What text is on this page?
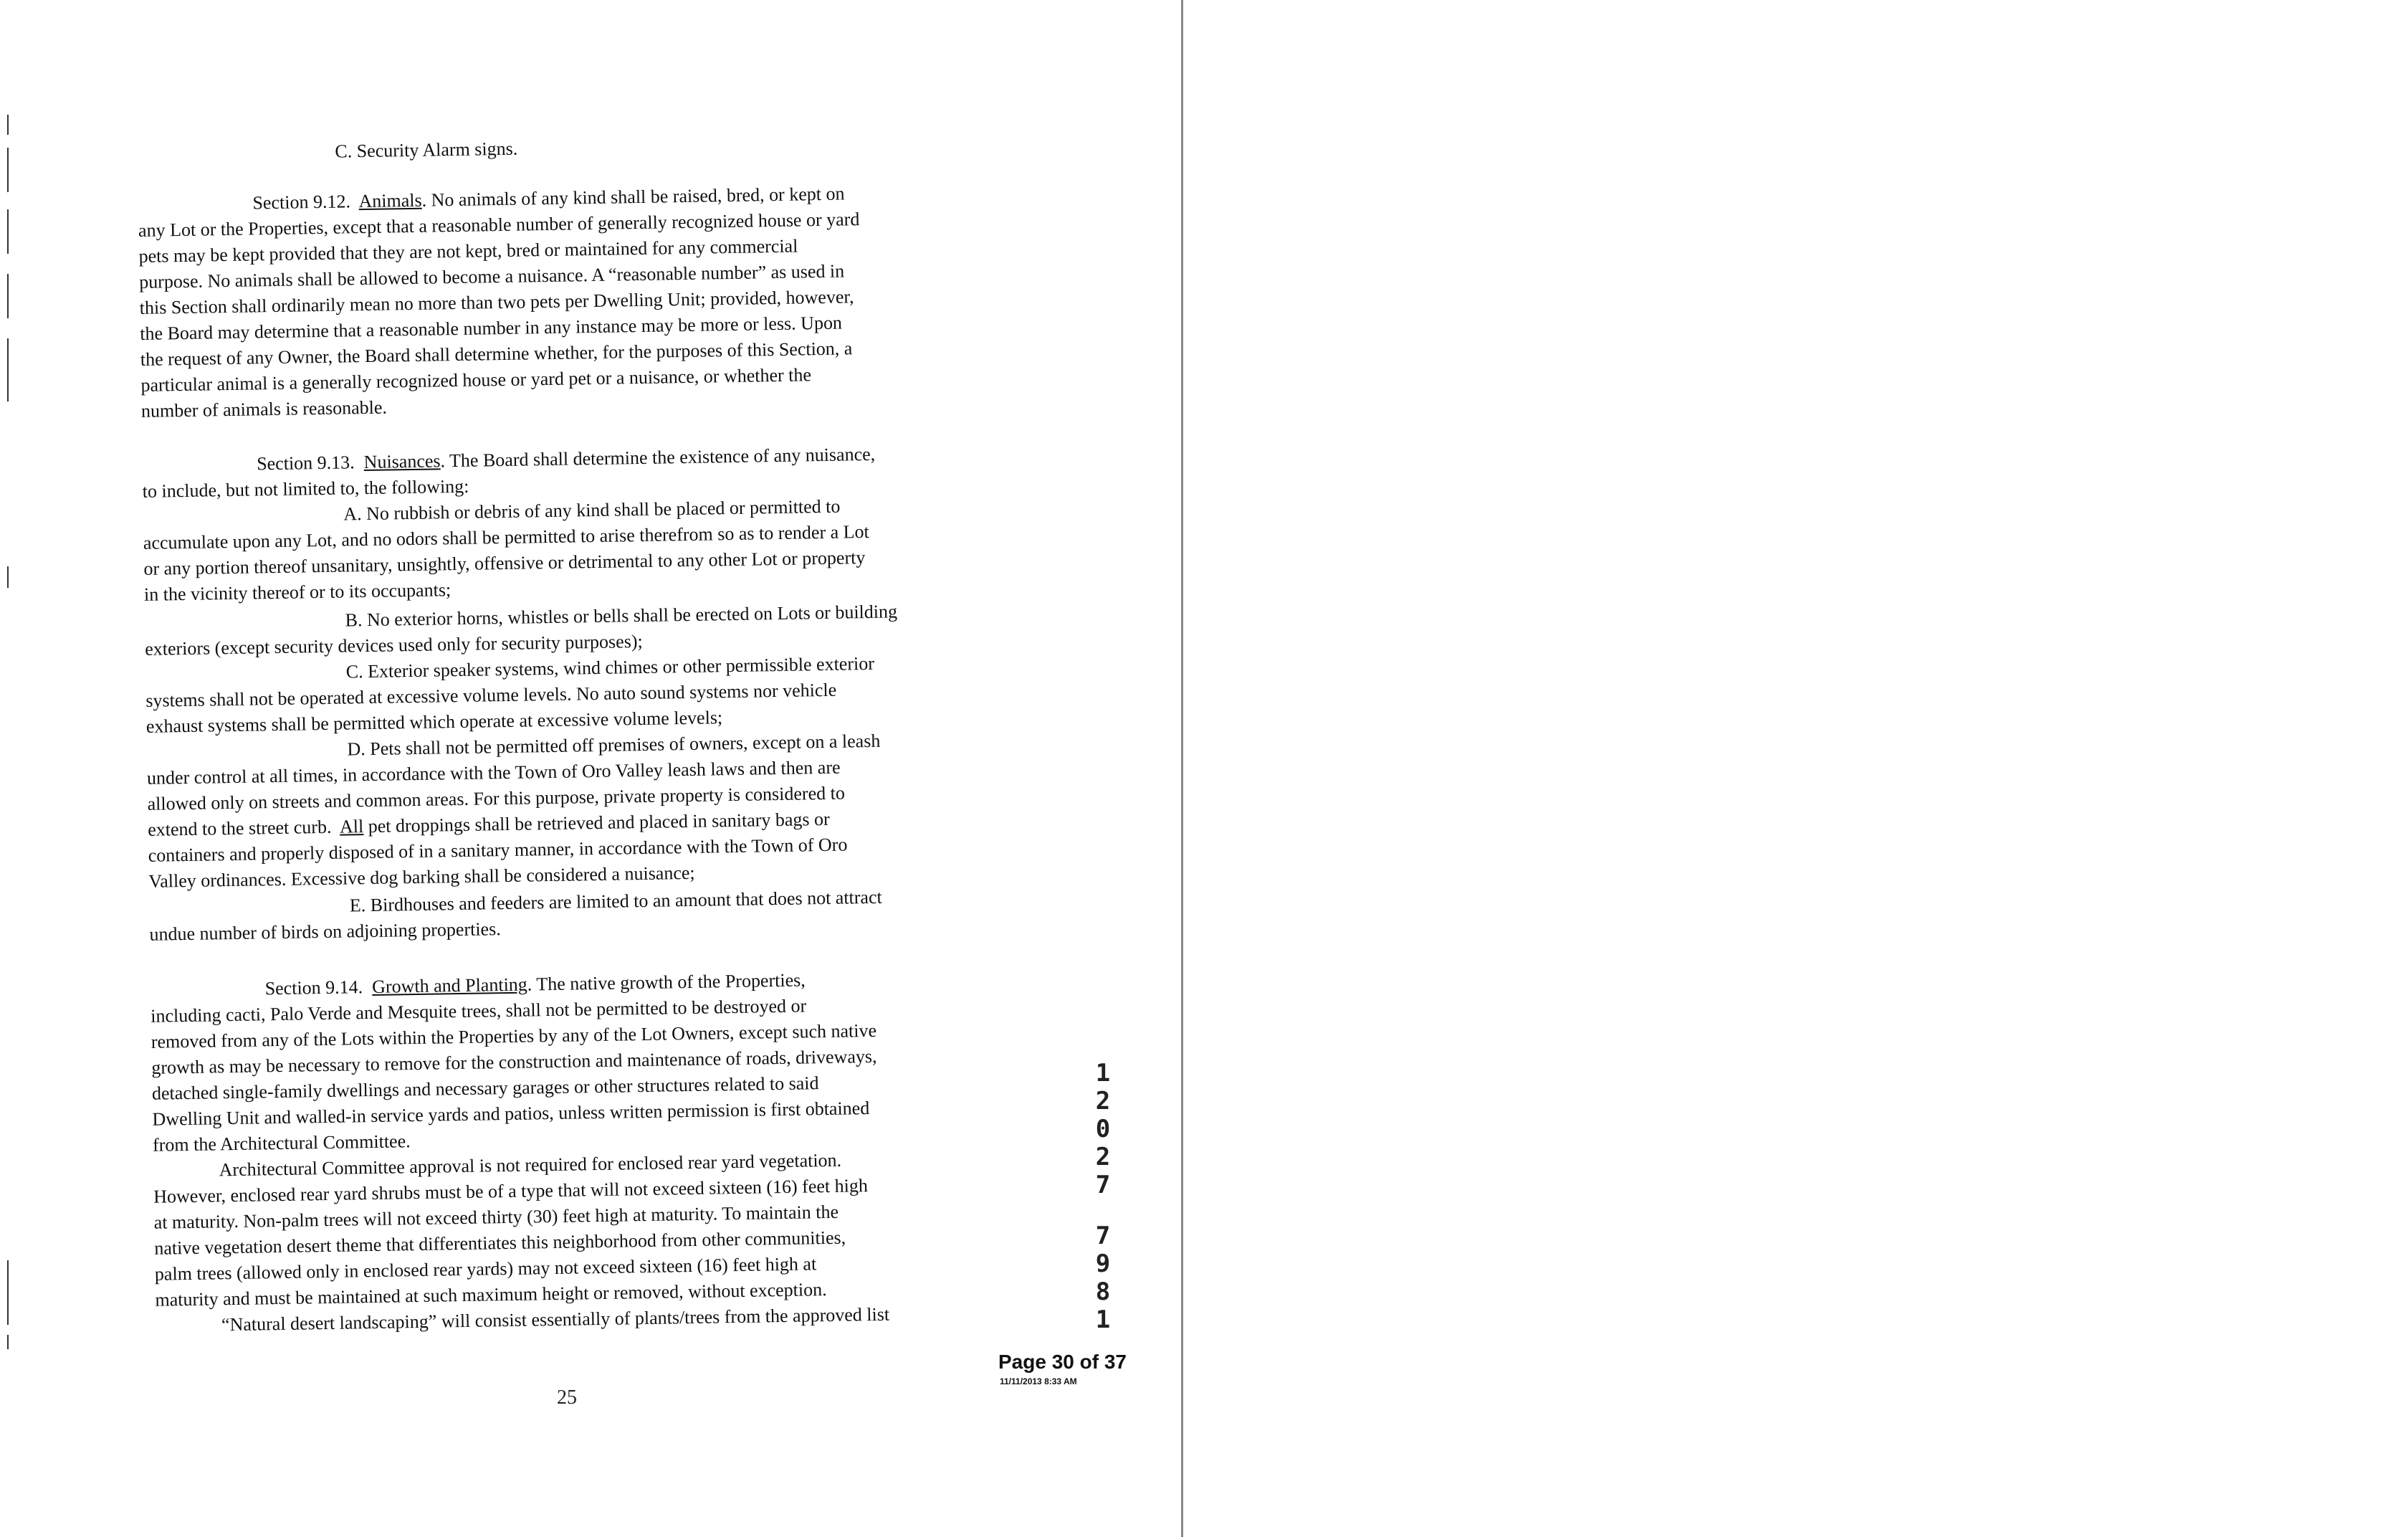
C. Security Alarm signs.
Section 9.12. Animals. No animals of any kind shall be raised, bred, or kept on
any Lot or the Properties, except that a reasonable number of generally recognized house or yard
pets may be kept provided that they are not kept, bred or maintained for any commercial
purpose. No animals shall be allowed to become a nuisance. A “reasonable number” as used in
this Section shall ordinarily mean no more than two pets per Dwelling Unit; provided, however,
the Board may determine that a reasonable number in any instance may be more or less. Upon
the request of any Owner, the Board shall determine whether, for the purposes of this Section, a
particular animal is a generally recognized house or yard pet or a nuisance, or whether the
number of animals is reasonable.
Section 9.13. Nuisances. The Board shall determine the existence of any nuisance,
to include, but not limited to, the following:
A. No rubbish or debris of any kind shall be placed or permitted to
accumulate upon any Lot, and no odors shall be permitted to arise therefrom so as to render a Lot
or any portion thereof unsanitary, unsightly, offensive or detrimental to any other Lot or property
in the vicinity thereof or to its occupants;
B. No exterior horns, whistles or bells shall be erected on Lots or building
exteriors (except security devices used only for security purposes);
C. Exterior speaker systems, wind chimes or other permissible exterior
systems shall not be operated at excessive volume levels. No auto sound systems nor vehicle
exhaust systems shall be permitted which operate at excessive volume levels;
D. Pets shall not be permitted off premises of owners, except on a leash
under control at all times, in accordance with the Town of Oro Valley leash laws and then are
allowed only on streets and common areas. For this purpose, private property is considered to
extend to the street curb. All pet droppings shall be retrieved and placed in sanitary bags or
containers and properly disposed of in a sanitary manner, in accordance with the Town of Oro
Valley ordinances. Excessive dog barking shall be considered a nuisance;
E. Birdhouses and feeders are limited to an amount that does not attract
undue number of birds on adjoining properties.
Section 9.14. Growth and Planting. The native growth of the Properties,
including cacti, Palo Verde and Mesquite trees, shall not be permitted to be destroyed or
removed from any of the Lots within the Properties by any of the Lot Owners, except such native
growth as may be necessary to remove for the construction and maintenance of roads, driveways,
detached single-family dwellings and necessary garages or other structures related to said
Dwelling Unit and walled-in service yards and patios, unless written permission is first obtained
from the Architectural Committee.
Architectural Committee approval is not required for enclosed rear yard vegetation.
However, enclosed rear yard shrubs must be of a type that will not exceed sixteen (16) feet high
at maturity. Non-palm trees will not exceed thirty (30) feet high at maturity. To maintain the
native vegetation desert theme that differentiates this neighborhood from other communities,
palm trees (allowed only in enclosed rear yards) may not exceed sixteen (16) feet high at
maturity and must be maintained at such maximum height or removed, without exception.
“Natural desert landscaping” will consist essentially of plants/trees from the approved list
1
2
0
2
7
7
9
8
1
Page 30 of 37
11/11/2013 8:33 AM
25
